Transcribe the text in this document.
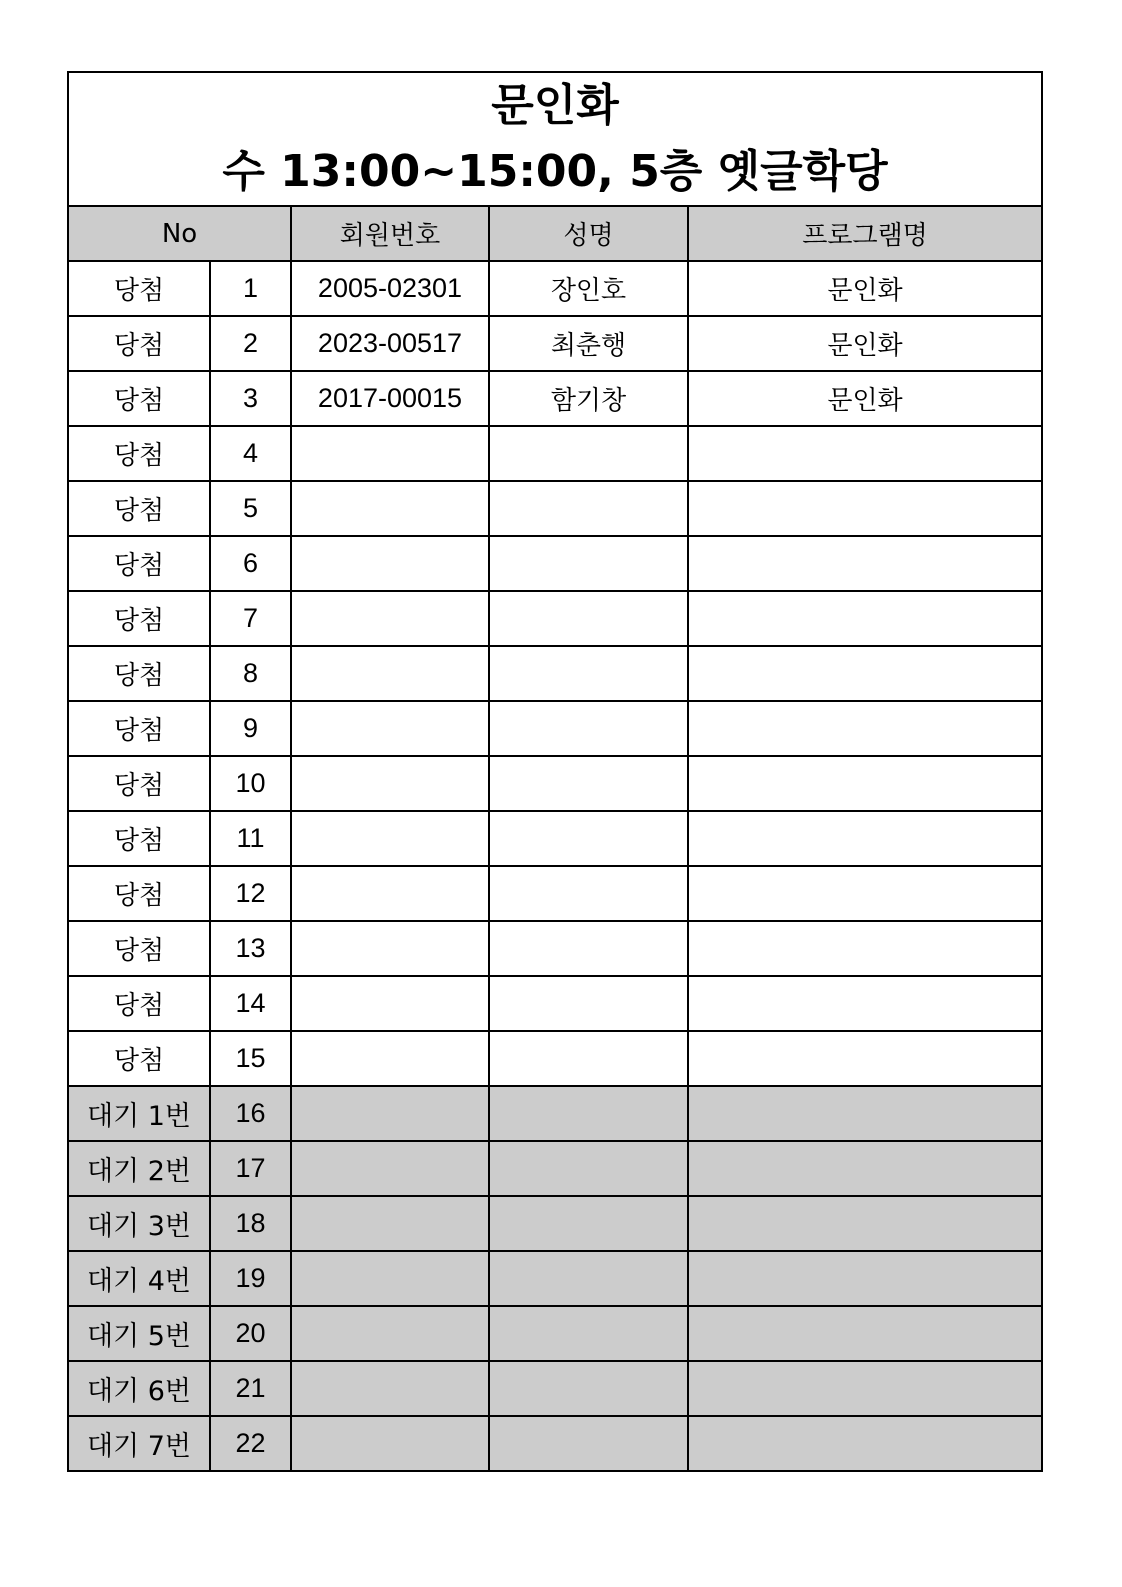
문인화
수 13:00~15:00, 5층 옛글학당				

No		회원번호	성명	프로그램명
당첨	1	2005-02301	장인호	문인화
당첨	2	2023-00517	최춘행	문인화
당첨	3	2017-00015	함기창	문인화
당첨	4			
당첨	5			
당첨	6			
당첨	7			
당첨	8			
당첨	9			
당첨	10			
당첨	11			
당첨	12			
당첨	13			
당첨	14			
당첨	15			
대기 1번	16			
대기 2번	17			
대기 3번	18			
대기 4번	19			
대기 5번	20			
대기 6번	21			
대기 7번	22			
